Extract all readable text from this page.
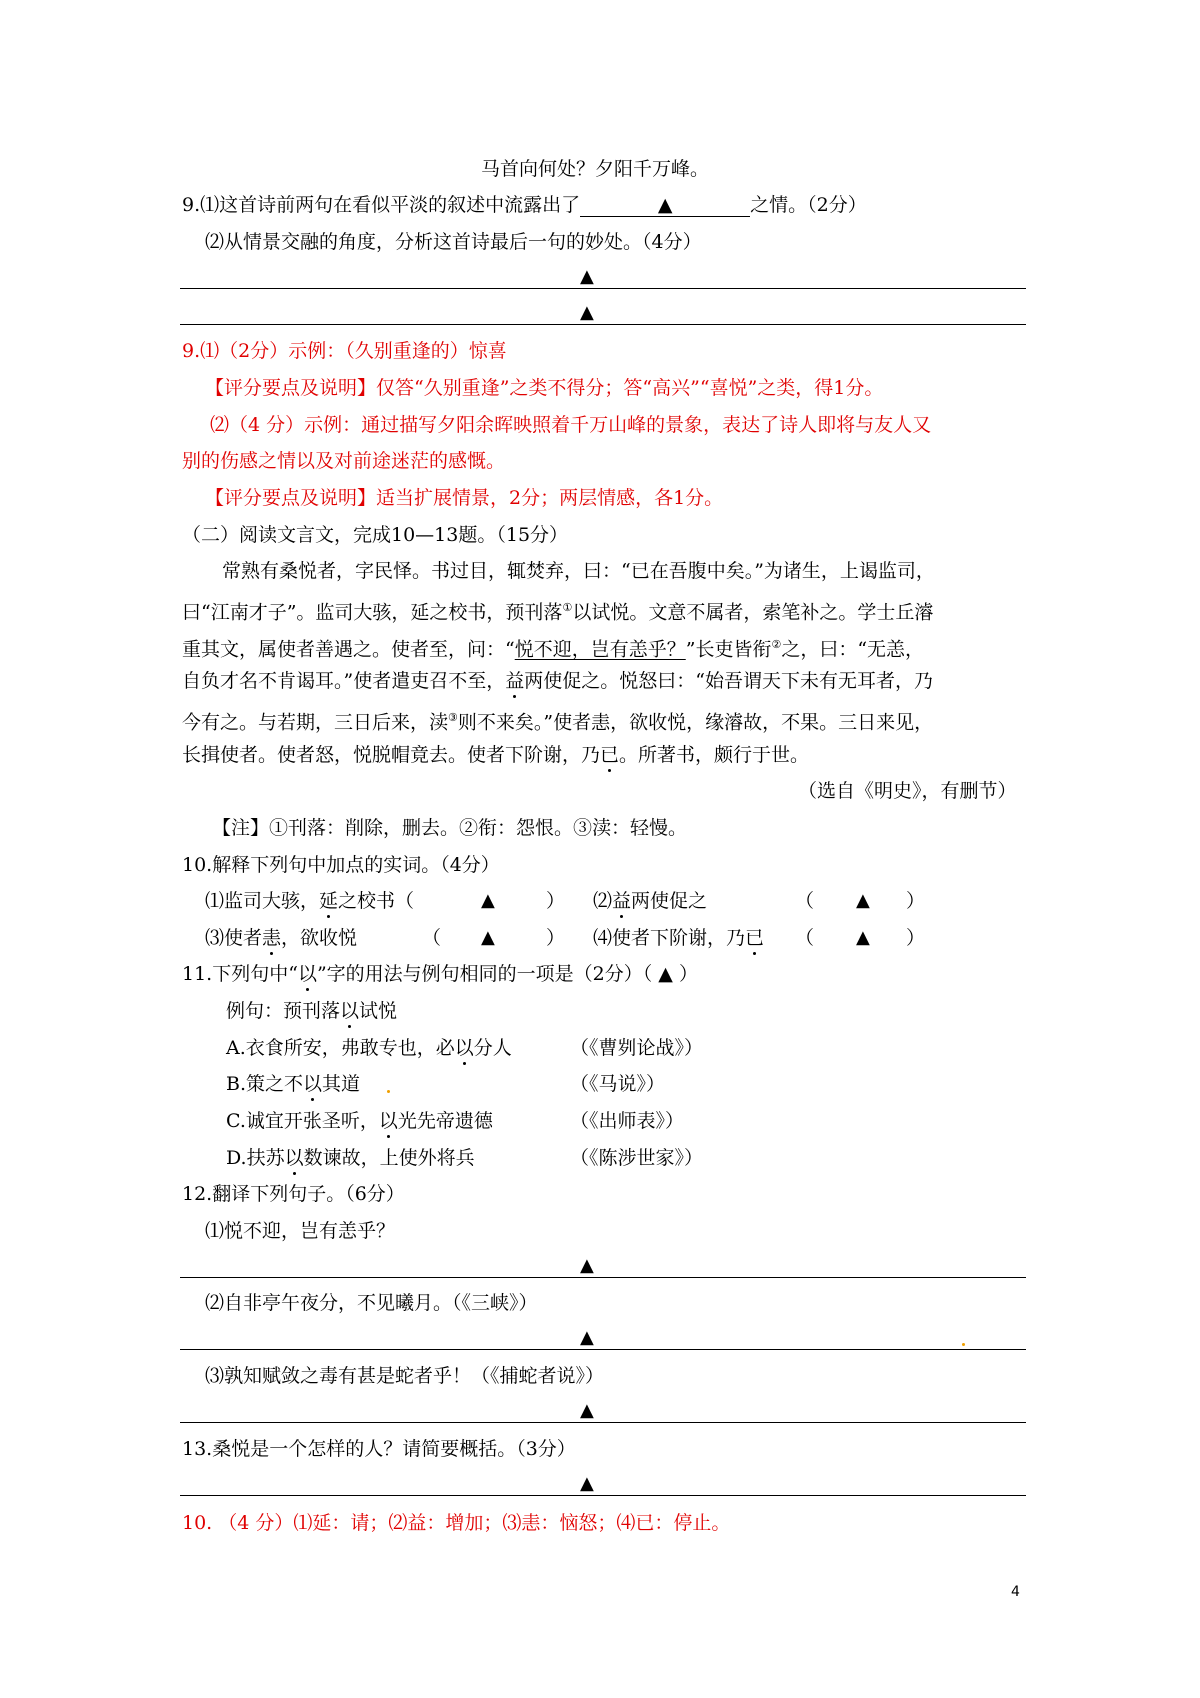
马首向何处？夕阳千万峰。
9.⑴这首诗前两句在看似平淡的叙述中流露出了	▲	之情。（2分）
⑵从情景交融的角度，分析这首诗最后一句的妙处。（4分）
▲
▲
9.⑴（2分）示例：（久别重逢的）惊喜
【评分要点及说明】仅答“久别重逢”之类不得分；答“高兴”“喜悦”之类，得1分。
⑵（4 分）示例：通过描写夕阳余晖映照着千万山峰的景象，表达了诗人即将与友人又
别的伤感之情以及对前途迷茫的感慨。
【评分要点及说明】适当扩展情景，2分；两层情感，各1分。
（二）阅读文言文，完成10—13题。（15分）
常熟有桑悦者，字民怿。书过目，辄焚弃，曰：“已在吾腹中矣。”为诸生，上谒监司，
曰“江南才子”。监司大骇，延之校书，预刊落①以试悦。文意不属者，索笔补之。学士丘濬
重其文，属使者善遇之。使者至，问：“悦不迎，岂有恙乎？”长吏皆衔②之，曰：“无恙，
自负才名不肯谒耳。”使者遣吏召不至，益两使促之。悦怒曰：“始吾谓天下未有无耳者，乃
今有之。与若期，三日后来，渎③则不来矣。”使者恚，欲收悦，缘濬故，不果。三日来见，
长揖使者。使者怒，悦脱帽竟去。使者下阶谢，乃已。所著书，颇行于世。
（选自《明史》，有删节）
【注】①刊落：削除，删去。②衔：怨恨。③渎：轻慢。
10.解释下列句中加点的实词。（4分）
⑴监司大骇，延之校书（	▲	） ⑵益两使促之	（ ▲ ）
⑶使者恚，欲收悦	（ ▲	） ⑷使者下阶谢，乃已 （ ▲ ）
11.下列句中“以”字的用法与例句相同的一项是（2分）（ ▲ ）
例句：预刊落以试悦
A.衣食所安，弗敢专也，必以分人	（《曹刿论战》）
B.策之不以其道	（《马说》）
C.诚宜开张圣听，以光先帝遗德	（《出师表》）
D.扶苏以数谏故，上使外将兵	（《陈涉世家》）
12.翻译下列句子。（6分）
⑴悦不迎，岂有恙乎？
▲
⑵自非亭午夜分，不见曦月。（《三峡》）
▲
⑶孰知赋敛之毒有甚是蛇者乎！（《捕蛇者说》）
▲
13.桑悦是一个怎样的人？请简要概括。（3分）
▲
10. （4 分）⑴延：请；⑵益：增加；⑶恚：恼怒；⑷已：停止。
4
